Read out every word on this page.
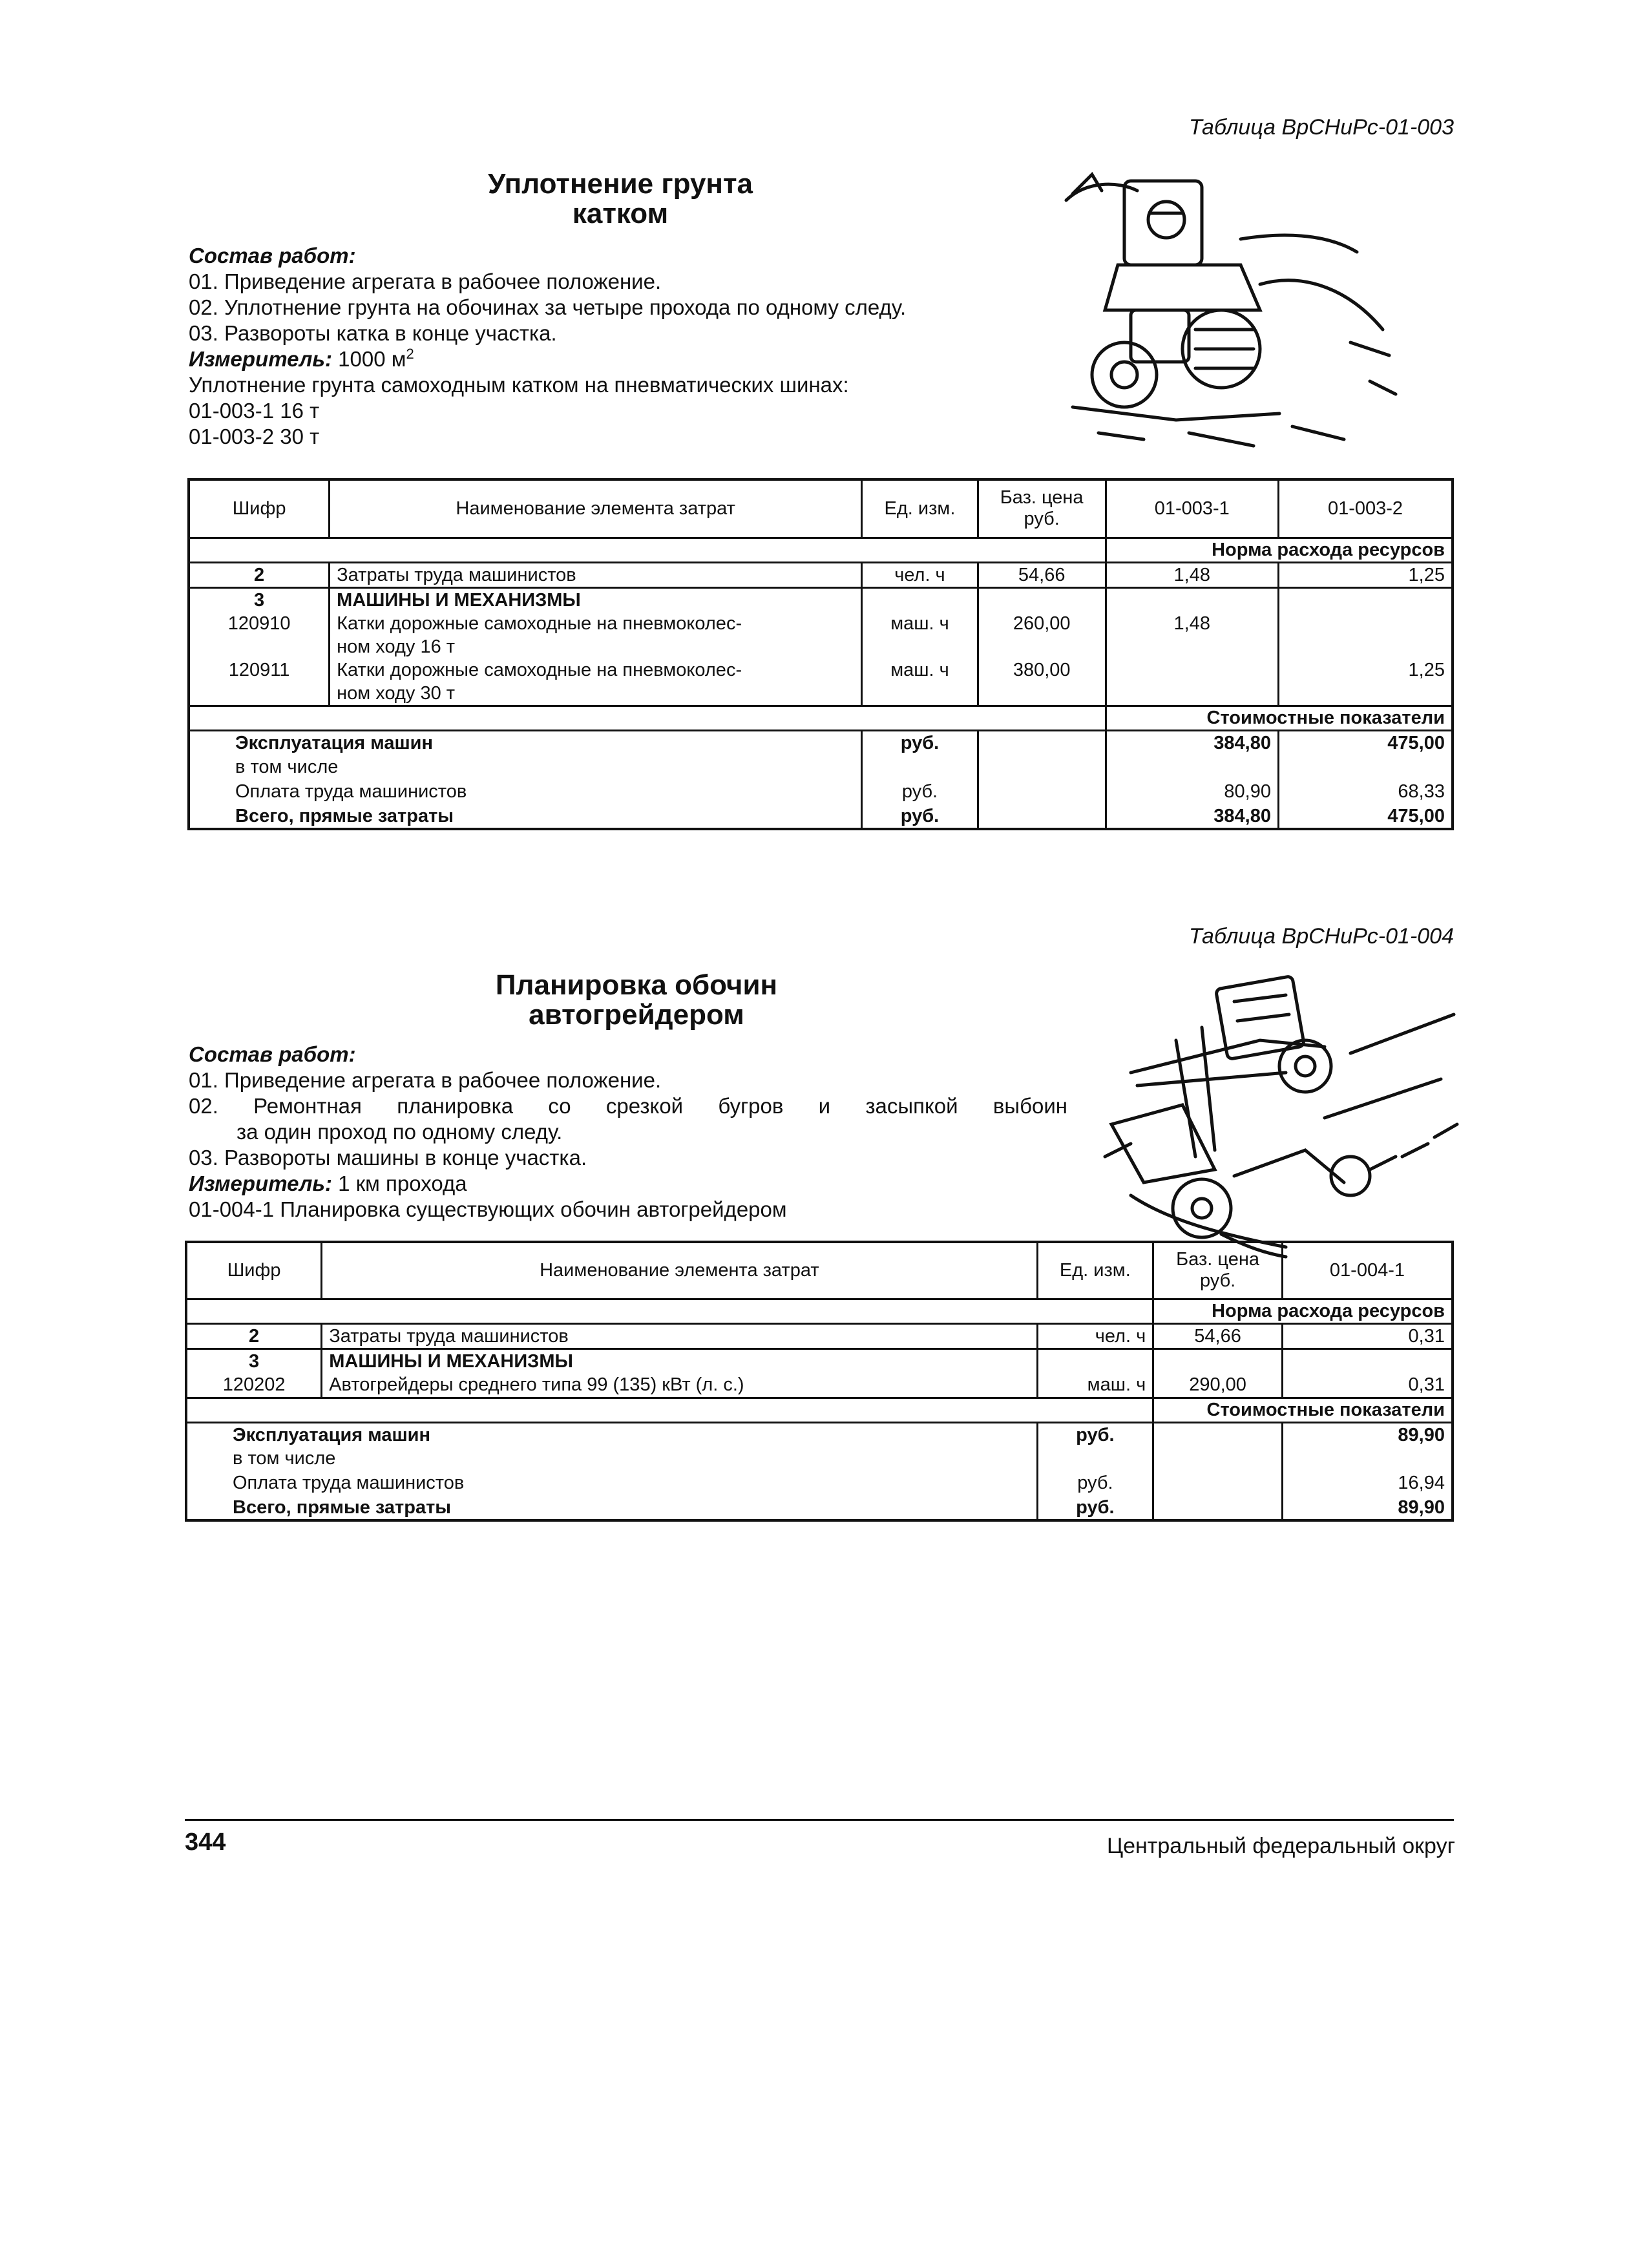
Таблица ВрСНиРс-01-003
Уплотнение грунта
катком
Состав работ:
01. Приведение агрегата в рабочее положение.
02. Уплотнение грунта на обочинах за четыре прохода по одному следу.
03. Развороты катка в конце участка.
Измеритель: 1000 $м^2$
Уплотнение грунта самоходным катком на пневматических шинах:
01-003-1 16 т
01-003-2 30 т
Шифр	Наименование элемента затрат	Ед. изм.	Баз. цена руб.	01-003-1	01-003-2
				Норма расхода ресурсов	
2	Затраты труда машинистов	чел. ч	54,66	1,48	1,25
3	МАШИНЫ И МЕХАНИЗМЫ				
120910	Катки дорожные самоходные на пневмоколес-
ном ходу 16 т	маш. ч	260,00	1,48	
120911	Катки дорожные самоходные на пневмоколес-
ном ходу 30 т	маш. ч	380,00		1,25
				Стоимостные показатели	
Эксплуатация машин		руб.		384,80	475,00
в том числе					
Оплата труда машинистов		руб.		80,90	68,33
Всего, прямые затраты		руб.		384,80	475,00
Таблица ВрСНиРс-01-004
Планировка обочин
автогрейдером
Состав работ:
01. Приведение агрегата в рабочее положение.
02. Ремонтная планировка со срезкой бугров и засыпкой выбоин
за один проход по одному следу.
03. Развороты машины в конце участка.
Измеритель: 1 км прохода
01-004-1 Планировка существующих обочин автогрейдером
Шифр	Наименование элемента затрат	Ед. изм.	Баз. цена руб.	01-004-1
			Норма расхода ресурсов	
2	Затраты труда машинистов	чел. ч	54,66	0,31
3	МАШИНЫ И МЕХАНИЗМЫ			
120202	Автогрейдеры среднего типа 99 (135) кВт (л. с.)	маш. ч	290,00	0,31
			Стоимостные показатели	
Эксплуатация машин		руб.		89,90
в том числе				
Оплата труда машинистов		руб.		16,94
Всего, прямые затраты		руб.		89,90
344	Центральный федеральный округ
